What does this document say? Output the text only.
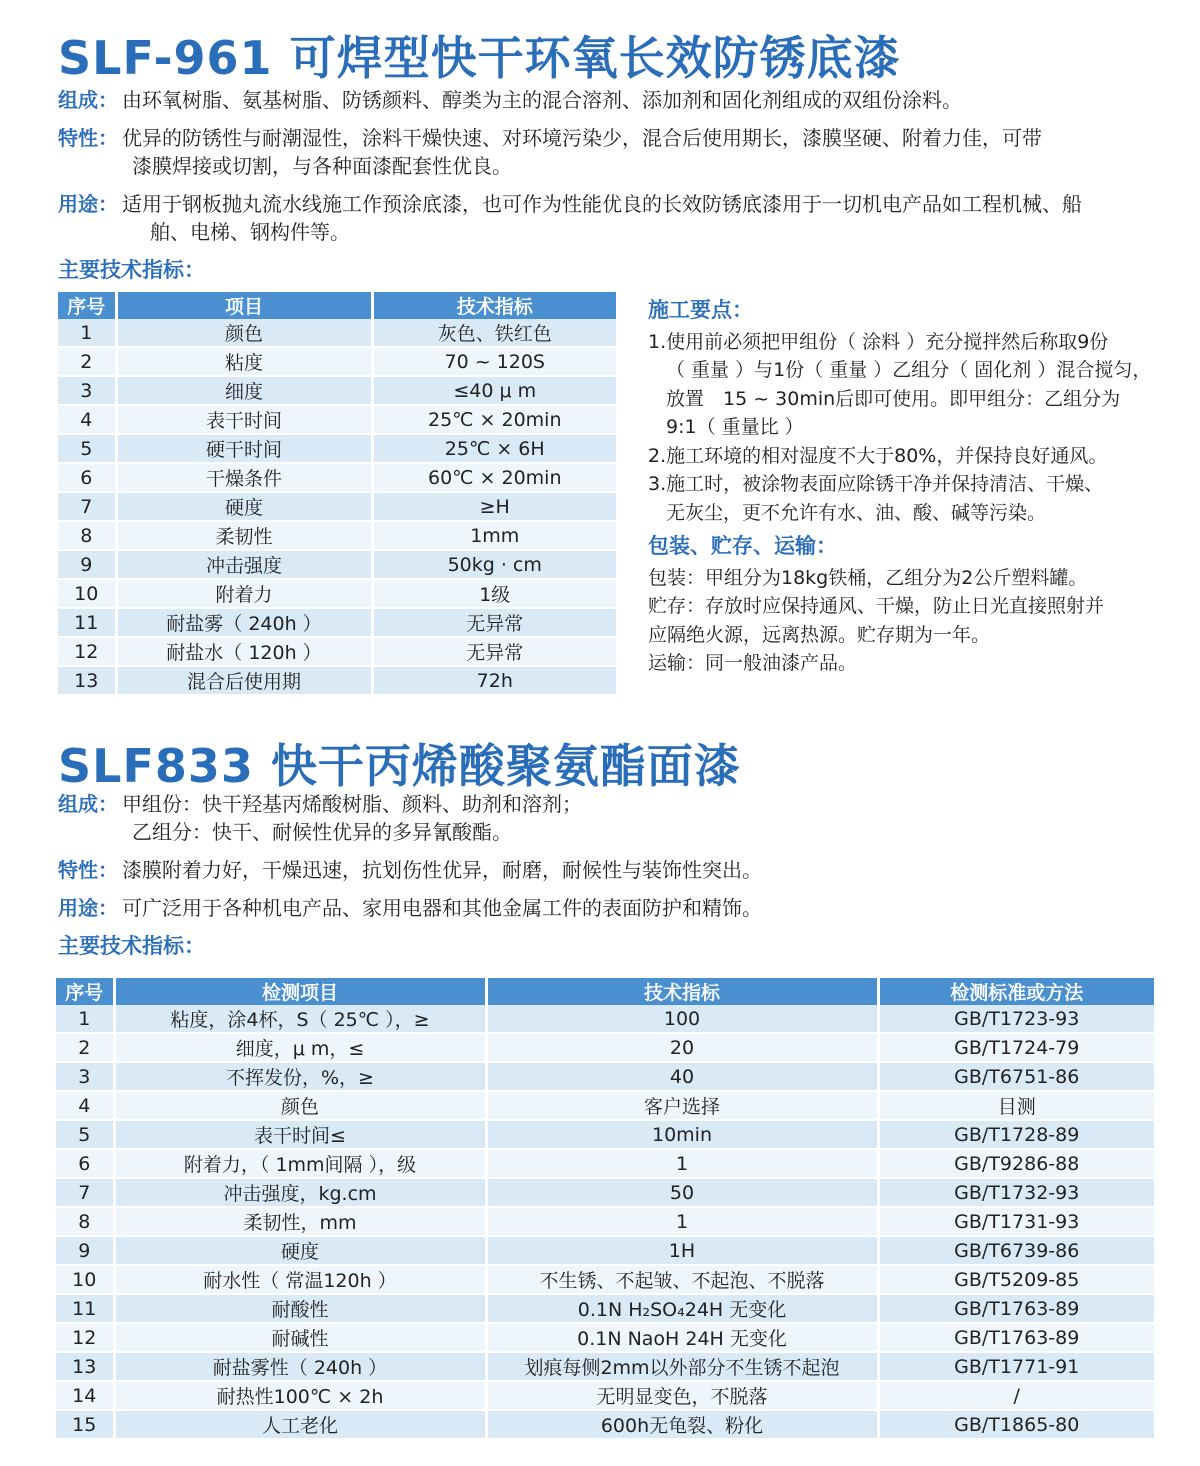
SLF-961 可焊型快干环氧长效防锈底漆
组成： 由环氧树脂、氨基树脂、防锈颜料、醇类为主的混合溶剂、添加剂和固化剂组成的双组份涂料。
特性： 优异的防锈性与耐潮湿性，涂料干燥快速、对环境污染少，混合后使用期长，漆膜坚硬、附着力佳，可带
漆膜焊接或切割，与各种面漆配套性优良。
用途： 适用于钢板抛丸流水线施工作预涂底漆，也可作为性能优良的长效防锈底漆用于一切机电产品如工程机械、船
舶、电梯、钢构件等。
主要技术指标：
序号	项目	技术指标
1	颜色	灰色、铁红色
2	粘度	70 ~ 120S
3	细度	≤40 μ m
4	表干时间	25℃ × 20min
5	硬干时间	25℃ × 6H
6	干燥条件	60℃ × 20min
7	硬度	≥H
8	柔韧性	1mm
9	冲击强度	50kg · cm
10	附着力	1级
11	耐盐雾（ 240h ）	无异常
12	耐盐水（ 120h ）	无异常
13	混合后使用期	72h
施工要点：
1.使用前必须把甲组份（ 涂料 ）充分搅拌然后称取9份
（ 重量 ）与1份（ 重量 ）乙组分（ 固化剂 ）混合搅匀，
放置　15 ~ 30min后即可使用。即甲组分：乙组分为
9:1（ 重量比 ）
2.施工环境的相对湿度不大于80%，并保持良好通风。
3.施工时，被涂物表面应除锈干净并保持清洁、干燥、
无灰尘，更不允许有水、油、酸、碱等污染。
包装、贮存、运输：
包装：甲组分为18kg铁桶，乙组分为2公斤塑料罐。
贮存：存放时应保持通风、干燥，防止日光直接照射并
应隔绝火源，远离热源。贮存期为一年。
运输：同一般油漆产品。
SLF833 快干丙烯酸聚氨酯面漆
组成： 甲组份：快干羟基丙烯酸树脂、颜料、助剂和溶剂；
乙组分：快干、耐候性优异的多异氰酸酯。
特性： 漆膜附着力好，干燥迅速，抗划伤性优异，耐磨，耐候性与装饰性突出。
用途： 可广泛用于各种机电产品、家用电器和其他金属工件的表面防护和精饰。
主要技术指标：
序号	检测项目	技术指标	检测标准或方法
1	粘度，涂4杯，S（ 25℃ ），≥	100	GB/T1723-93
2	细度，μ m，≤	20	GB/T1724-79
3	不挥发份，%，≥	40	GB/T6751-86
4	颜色	客户选择	目测
5	表干时间≤	10min	GB/T1728-89
6	附着力，（ 1mm间隔 ），级	1	GB/T9286-88
7	冲击强度，kg.cm	50	GB/T1732-93
8	柔韧性，mm	1	GB/T1731-93
9	硬度	1H	GB/T6739-86
10	耐水性（ 常温120h ）	不生锈、不起皱、不起泡、不脱落	GB/T5209-85
11	耐酸性	0.1N H₂SO₄24H 无变化	GB/T1763-89
12	耐碱性	0.1N NaoH 24H 无变化	GB/T1763-89
13	耐盐雾性（ 240h ）	划痕每侧2mm以外部分不生锈不起泡	GB/T1771-91
14	耐热性100℃ × 2h	无明显变色，不脱落	/
15	人工老化	600h无龟裂、粉化	GB/T1865-80
